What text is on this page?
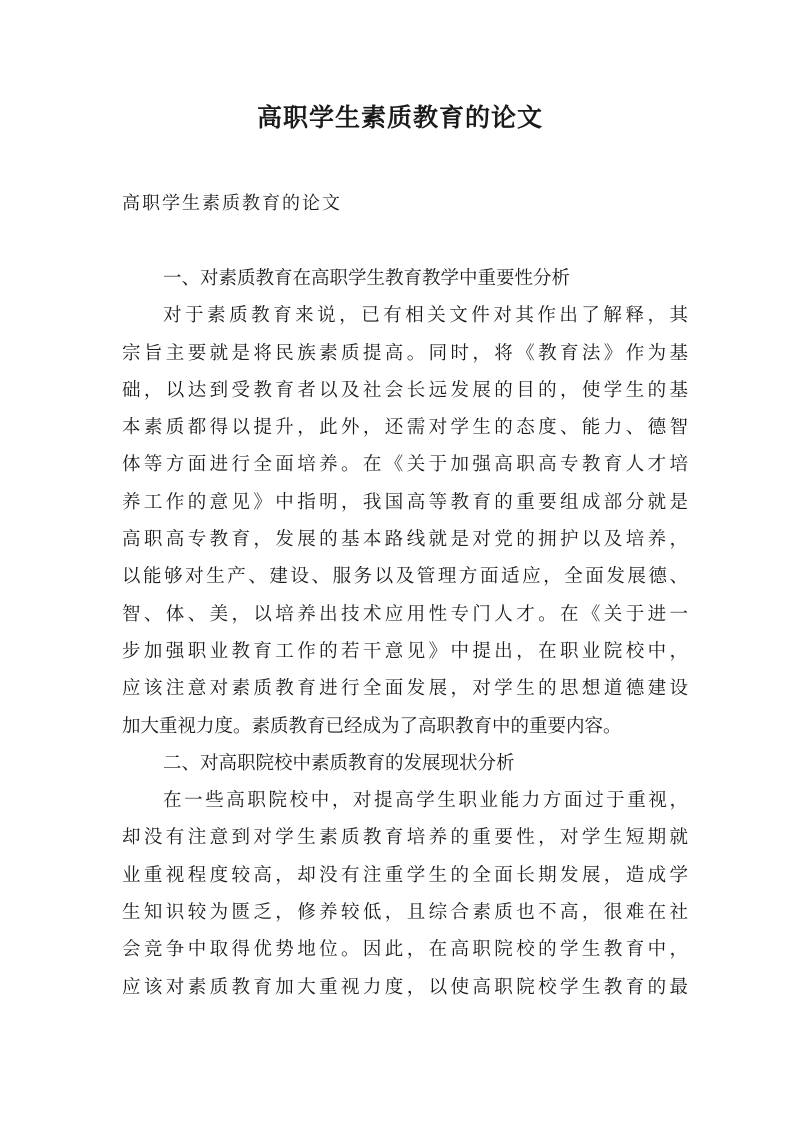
高职学生素质教育的论文
高职学生素质教育的论文
一、对素质教育在高职学生教育教学中重要性分析
对于素质教育来说，已有相关文件对其作出了解释，其
宗旨主要就是将民族素质提高。同时，将《教育法》作为基
础，以达到受教育者以及社会长远发展的目的，使学生的基
本素质都得以提升，此外，还需对学生的态度、能力、德智
体等方面进行全面培养。在《关于加强高职高专教育人才培
养工作的意见》中指明，我国高等教育的重要组成部分就是
高职高专教育，发展的基本路线就是对党的拥护以及培养，
以能够对生产、建设、服务以及管理方面适应，全面发展德、
智、体、美，以培养出技术应用性专门人才。在《关于进一
步加强职业教育工作的若干意见》中提出，在职业院校中，
应该注意对素质教育进行全面发展，对学生的思想道德建设
加大重视力度。素质教育已经成为了高职教育中的重要内容。
二、对高职院校中素质教育的发展现状分析
在一些高职院校中，对提高学生职业能力方面过于重视，
却没有注意到对学生素质教育培养的重要性，对学生短期就
业重视程度较高，却没有注重学生的全面长期发展，造成学
生知识较为匮乏，修养较低，且综合素质也不高，很难在社
会竞争中取得优势地位。因此，在高职院校的学生教育中，
应该对素质教育加大重视力度，以使高职院校学生教育的最
